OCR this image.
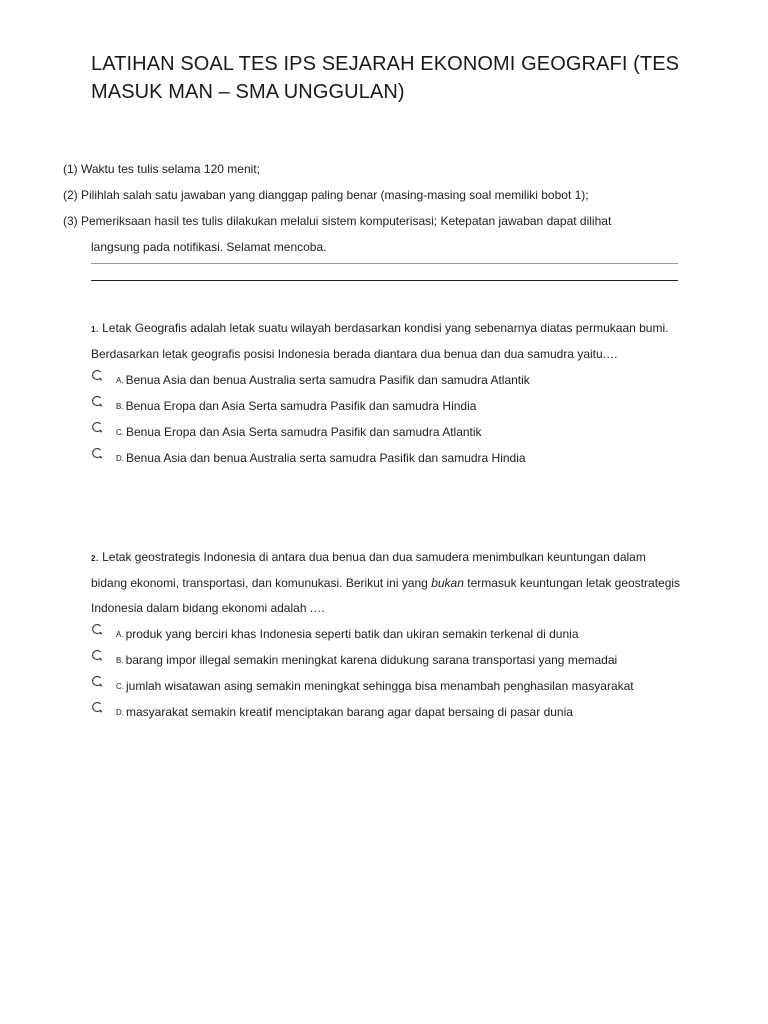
LATIHAN SOAL TES IPS SEJARAH EKONOMI GEOGRAFI (TES MASUK MAN – SMA UNGGULAN)
(1) Waktu tes tulis selama 120 menit;
(2) Pilihlah salah satu jawaban yang dianggap paling benar (masing-masing soal memiliki bobot 1);
(3) Pemeriksaan hasil tes tulis dilakukan melalui sistem komputerisasi; Ketepatan jawaban dapat dilihat
langsung pada notifikasi. Selamat mencoba.
1. Letak Geografis adalah letak suatu wilayah berdasarkan kondisi yang sebenarnya diatas permukaan bumi. Berdasarkan letak geografis posisi Indonesia berada diantara dua benua dan dua samudra yaitu.…
A. Benua Asia dan benua Australia serta samudra Pasifik dan samudra Atlantik
B. Benua Eropa dan Asia Serta samudra Pasifik dan samudra Hindia
C. Benua Eropa dan Asia Serta samudra Pasifik dan samudra Atlantik
D. Benua Asia dan benua Australia serta samudra Pasifik dan samudra Hindia
2. Letak geostrategis Indonesia di antara dua benua dan dua samudera menimbulkan keuntungan dalam bidang ekonomi, transportasi, dan komunukasi. Berikut ini yang bukan termasuk keuntungan letak geostrategis Indonesia dalam bidang ekonomi adalah .…
A. produk yang berciri khas Indonesia seperti batik dan ukiran semakin terkenal di dunia
B. barang impor illegal semakin meningkat karena didukung sarana transportasi yang memadai
C. jumlah wisatawan asing semakin meningkat sehingga bisa menambah penghasilan masyarakat
D. masyarakat semakin kreatif menciptakan barang agar dapat bersaing di pasar dunia
